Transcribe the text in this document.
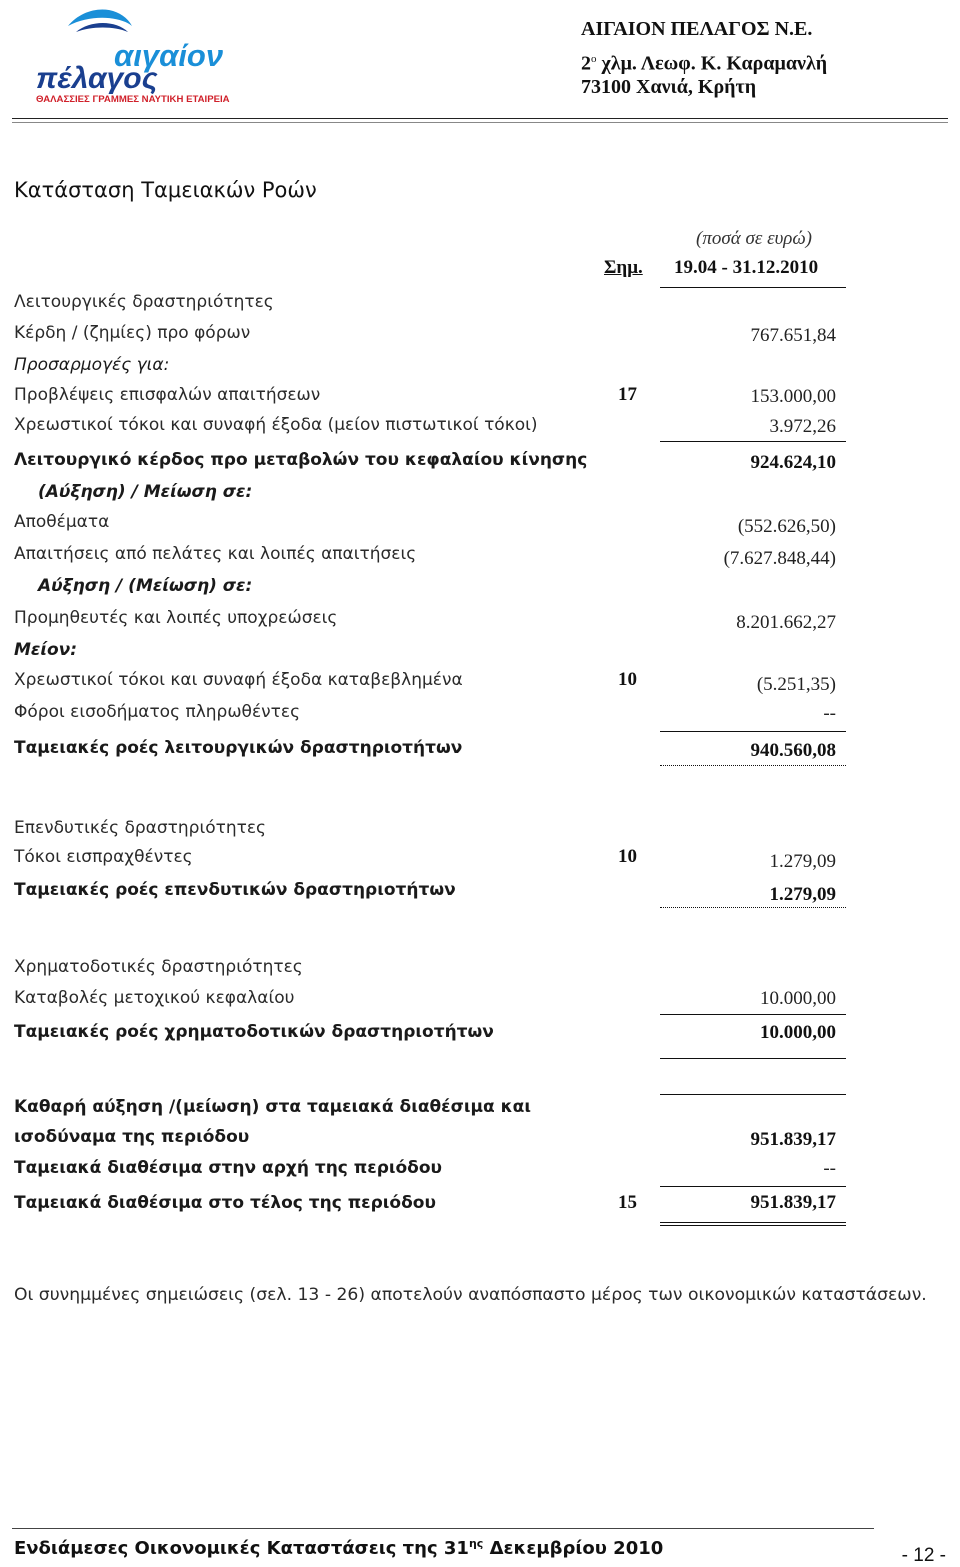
αιγαίον
πέλαγος
ΘΑΛΑΣΣΙΕΣ ΓΡΑΜΜΕΣ ΝΑΥΤΙΚΗ ΕΤΑΙΡΕΙΑ
ΑΙΓΑΙΟΝ ΠΕΛΑΓΟΣ Ν.Ε.
$2^o$ χλμ. Λεωφ. Κ. Καραμανλή
73100 Χανιά, Κρήτη
Κατάσταση Ταμειακών Ροών
(ποσά σε ευρώ)
Σημ. 19.04 - 31.12.2010
Λειτουργικές δραστηριότητες
Κέρδη / (ζημίες) προ φόρων	767.651,84
Προσαρμογές για:
Προβλέψεις επισφαλών απαιτήσεων	17	153.000,00
Χρεωστικοί τόκοι και συναφή έξοδα (μείον πιστωτικοί τόκοι)	3.972,26
Λειτουργικό κέρδος προ μεταβολών του κεφαλαίου κίνησης	924.624,10
(Αύξηση) / Μείωση σε:
Αποθέματα	(552.626,50)
Απαιτήσεις από πελάτες και λοιπές απαιτήσεις	(7.627.848,44)
Αύξηση / (Μείωση) σε:
Προμηθευτές και λοιπές υποχρεώσεις	8.201.662,27
Μείον:
Χρεωστικοί τόκοι και συναφή έξοδα καταβεβλημένα	10	(5.251,35)
Φόροι εισοδήματος πληρωθέντες	--
Ταμειακές ροές λειτουργικών δραστηριοτήτων	940.560,08
Επενδυτικές δραστηριότητες
Τόκοι εισπραχθέντες	10	1.279,09
Ταμειακές ροές επενδυτικών δραστηριοτήτων	1.279,09
Χρηματοδοτικές δραστηριότητες
Καταβολές μετοχικού κεφαλαίου	10.000,00
Ταμειακές ροές χρηματοδοτικών δραστηριοτήτων	10.000,00
Καθαρή αύξηση /(μείωση) στα ταμειακά διαθέσιμα και
ισοδύναμα της περιόδου	951.839,17
Ταμειακά διαθέσιμα στην αρχή της περιόδου	--
Ταμειακά διαθέσιμα στο τέλος της περιόδου	15	951.839,17
Οι συνημμένες σημειώσεις (σελ. 13 - 26) αποτελούν αναπόσπαστο μέρος των οικονομικών καταστάσεων.
Ενδιάμεσες Οικονομικές Καταστάσεις της $31^{\eta\varsigma}$ Δεκεμβρίου 2010	- 12 -
